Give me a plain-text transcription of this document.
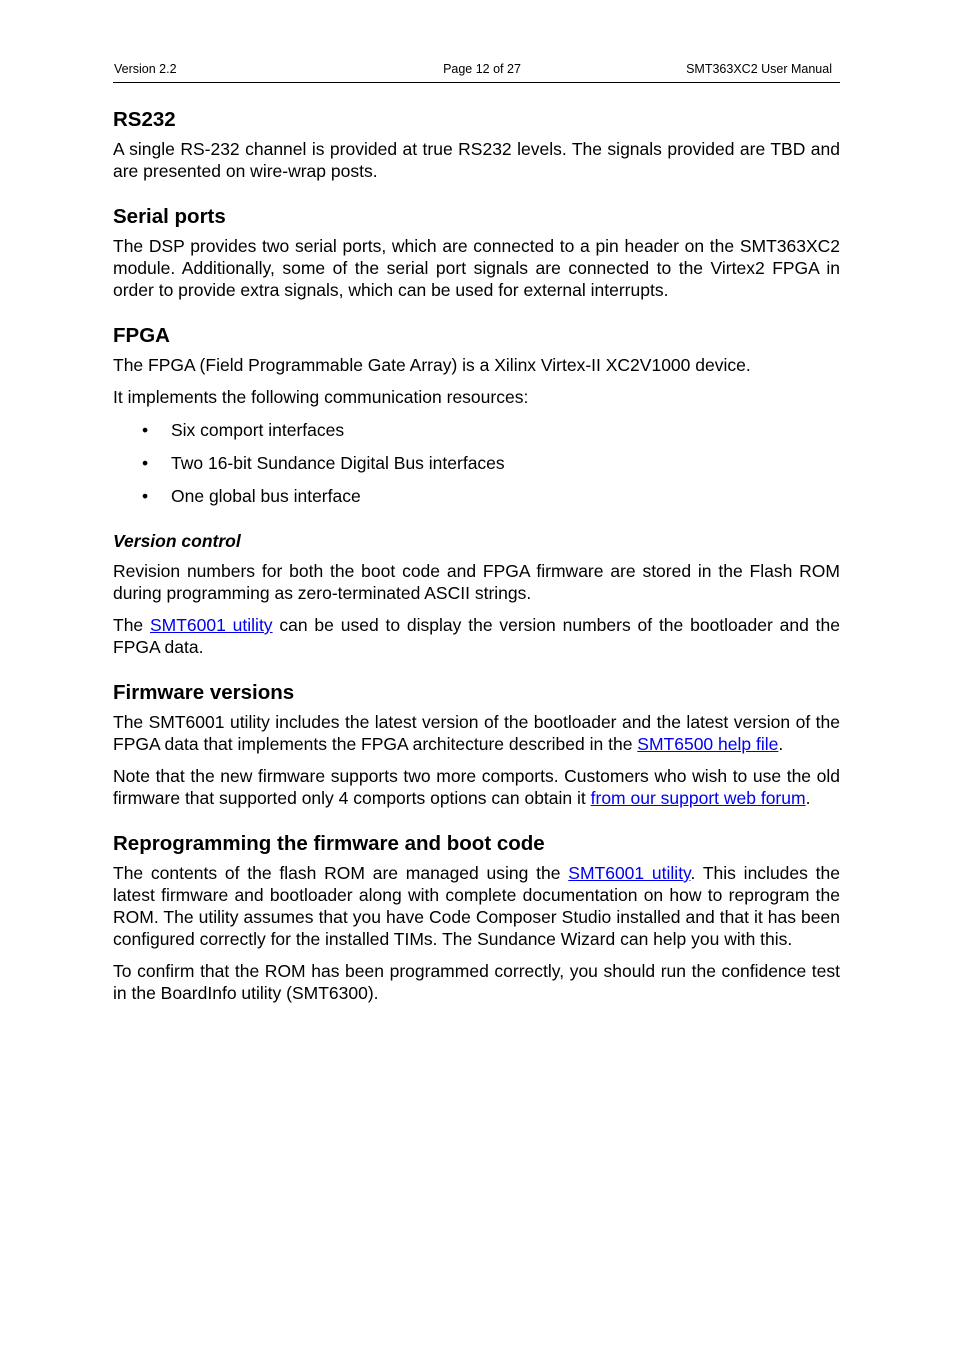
Version 2.2	Page 12 of 27	SMT363XC2 User Manual
RS232

A single RS-232 channel is provided at true RS232 levels. The signals provided are TBD and are presented on wire-wrap posts.

Serial ports

The DSP provides two serial ports, which are connected to a pin header on the SMT363XC2 module. Additionally, some of the serial port signals are connected to the Virtex2 FPGA in order to provide extra signals, which can be used for external interrupts.

FPGA

The FPGA (Field Programmable Gate Array) is a Xilinx Virtex-II XC2V1000 device.

It implements the following communication resources:

• Six comport interfaces
• Two 16-bit Sundance Digital Bus interfaces
• One global bus interface
Version control

Revision numbers for both the boot code and FPGA firmware are stored in the Flash ROM during programming as zero-terminated ASCII strings.

The SMT6001 utility can be used to display the version numbers of the bootloader and the FPGA data.

Firmware versions

The SMT6001 utility includes the latest version of the bootloader and the latest version of the FPGA data that implements the FPGA architecture described in the SMT6500 help file.

Note that the new firmware supports two more comports. Customers who wish to use the old firmware that supported only 4 comports options can obtain it from our support web forum.

Reprogramming the firmware and boot code

The contents of the flash ROM are managed using the SMT6001 utility. This includes the latest firmware and bootloader along with complete documentation on how to reprogram the ROM. The utility assumes that you have Code Composer Studio installed and that it has been configured correctly for the installed TIMs. The Sundance Wizard can help you with this.

To confirm that the ROM has been programmed correctly, you should run the confidence test in the BoardInfo utility (SMT6300).
